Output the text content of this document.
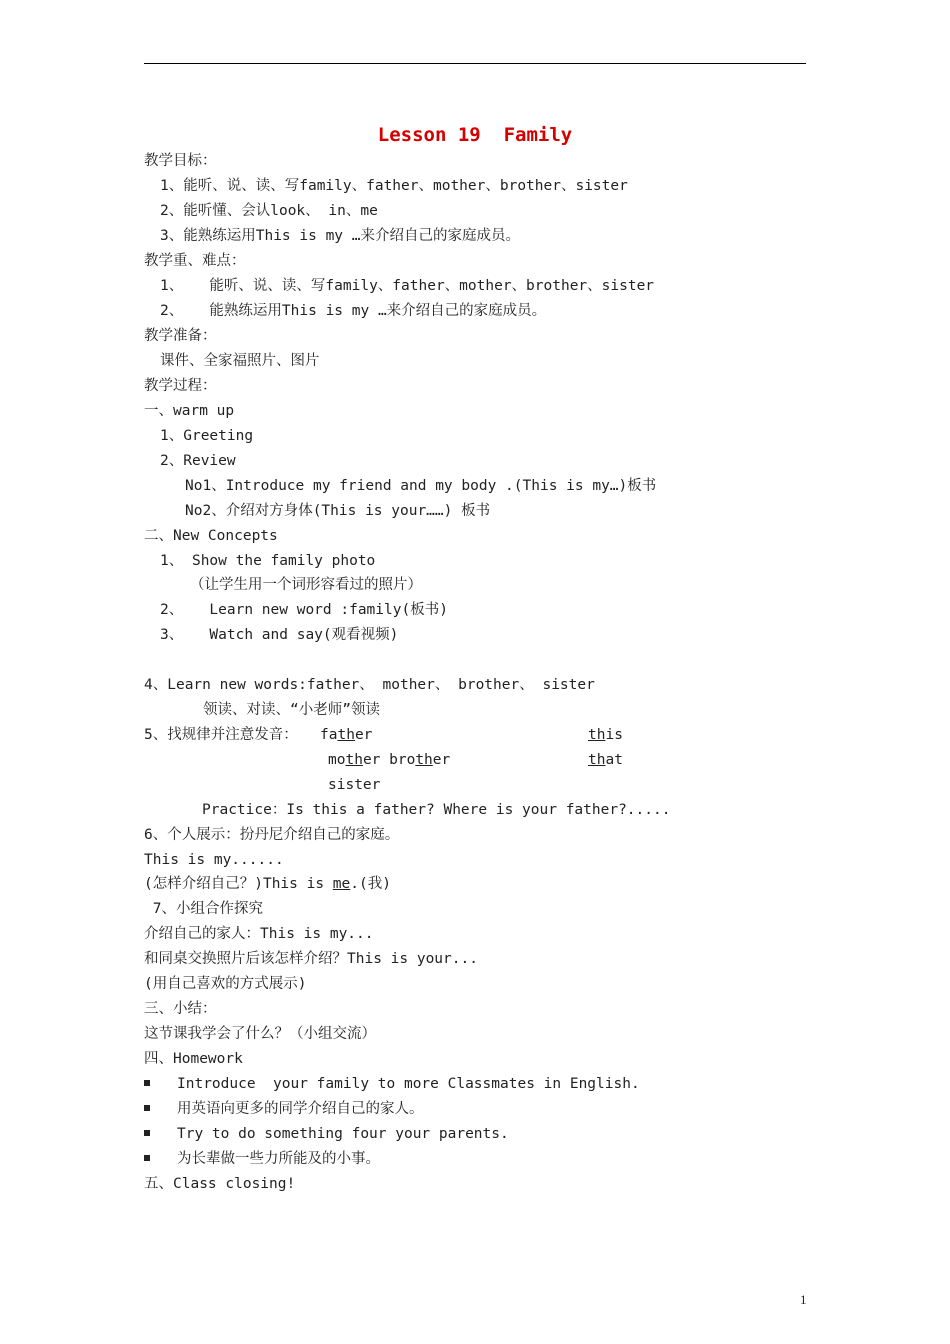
Lesson 19  Family
教学目标：
1、能听、说、读、写family、father、mother、brother、sister
2、能听懂、会认look、 in、me
3、能熟练运用This is my …来介绍自己的家庭成员。
教学重、难点：
1、   能听、说、读、写family、father、mother、brother、sister
2、   能熟练运用This is my …来介绍自己的家庭成员。
教学准备：
课件、全家福照片、图片
教学过程：
一、warm up
1、Greeting
2、Review
No1、Introduce my friend and my body .(This is my…)板书
No2、介绍对方身体(This is your……) 板书
二、New Concepts
1、 Show the family photo
（让学生用一个词形容看过的照片）
2、   Learn new word :family(板书)
3、   Watch and say(观看视频)
4、Learn new words:father、 mother、 brother、 sister
领读、对读、“小老师”领读
5、找规律并注意发音： father	this
mother brother	that
sister
Practice：Is this a father? Where is your father?.....
6、个人展示：扮丹尼介绍自己的家庭。
This is my......
(怎样介绍自己？)This is me.(我)
7、小组合作探究
介绍自己的家人：This is my...
和同桌交换照片后该怎样介绍？This is your...
(用自己喜欢的方式展示)
三、小结：
这节课我学会了什么？（小组交流）
四、Homework
Introduce  your family to more Classmates in English.
用英语向更多的同学介绍自己的家人。
Try to do something four your parents.
为长辈做一些力所能及的小事。
五、Class closing!
1
